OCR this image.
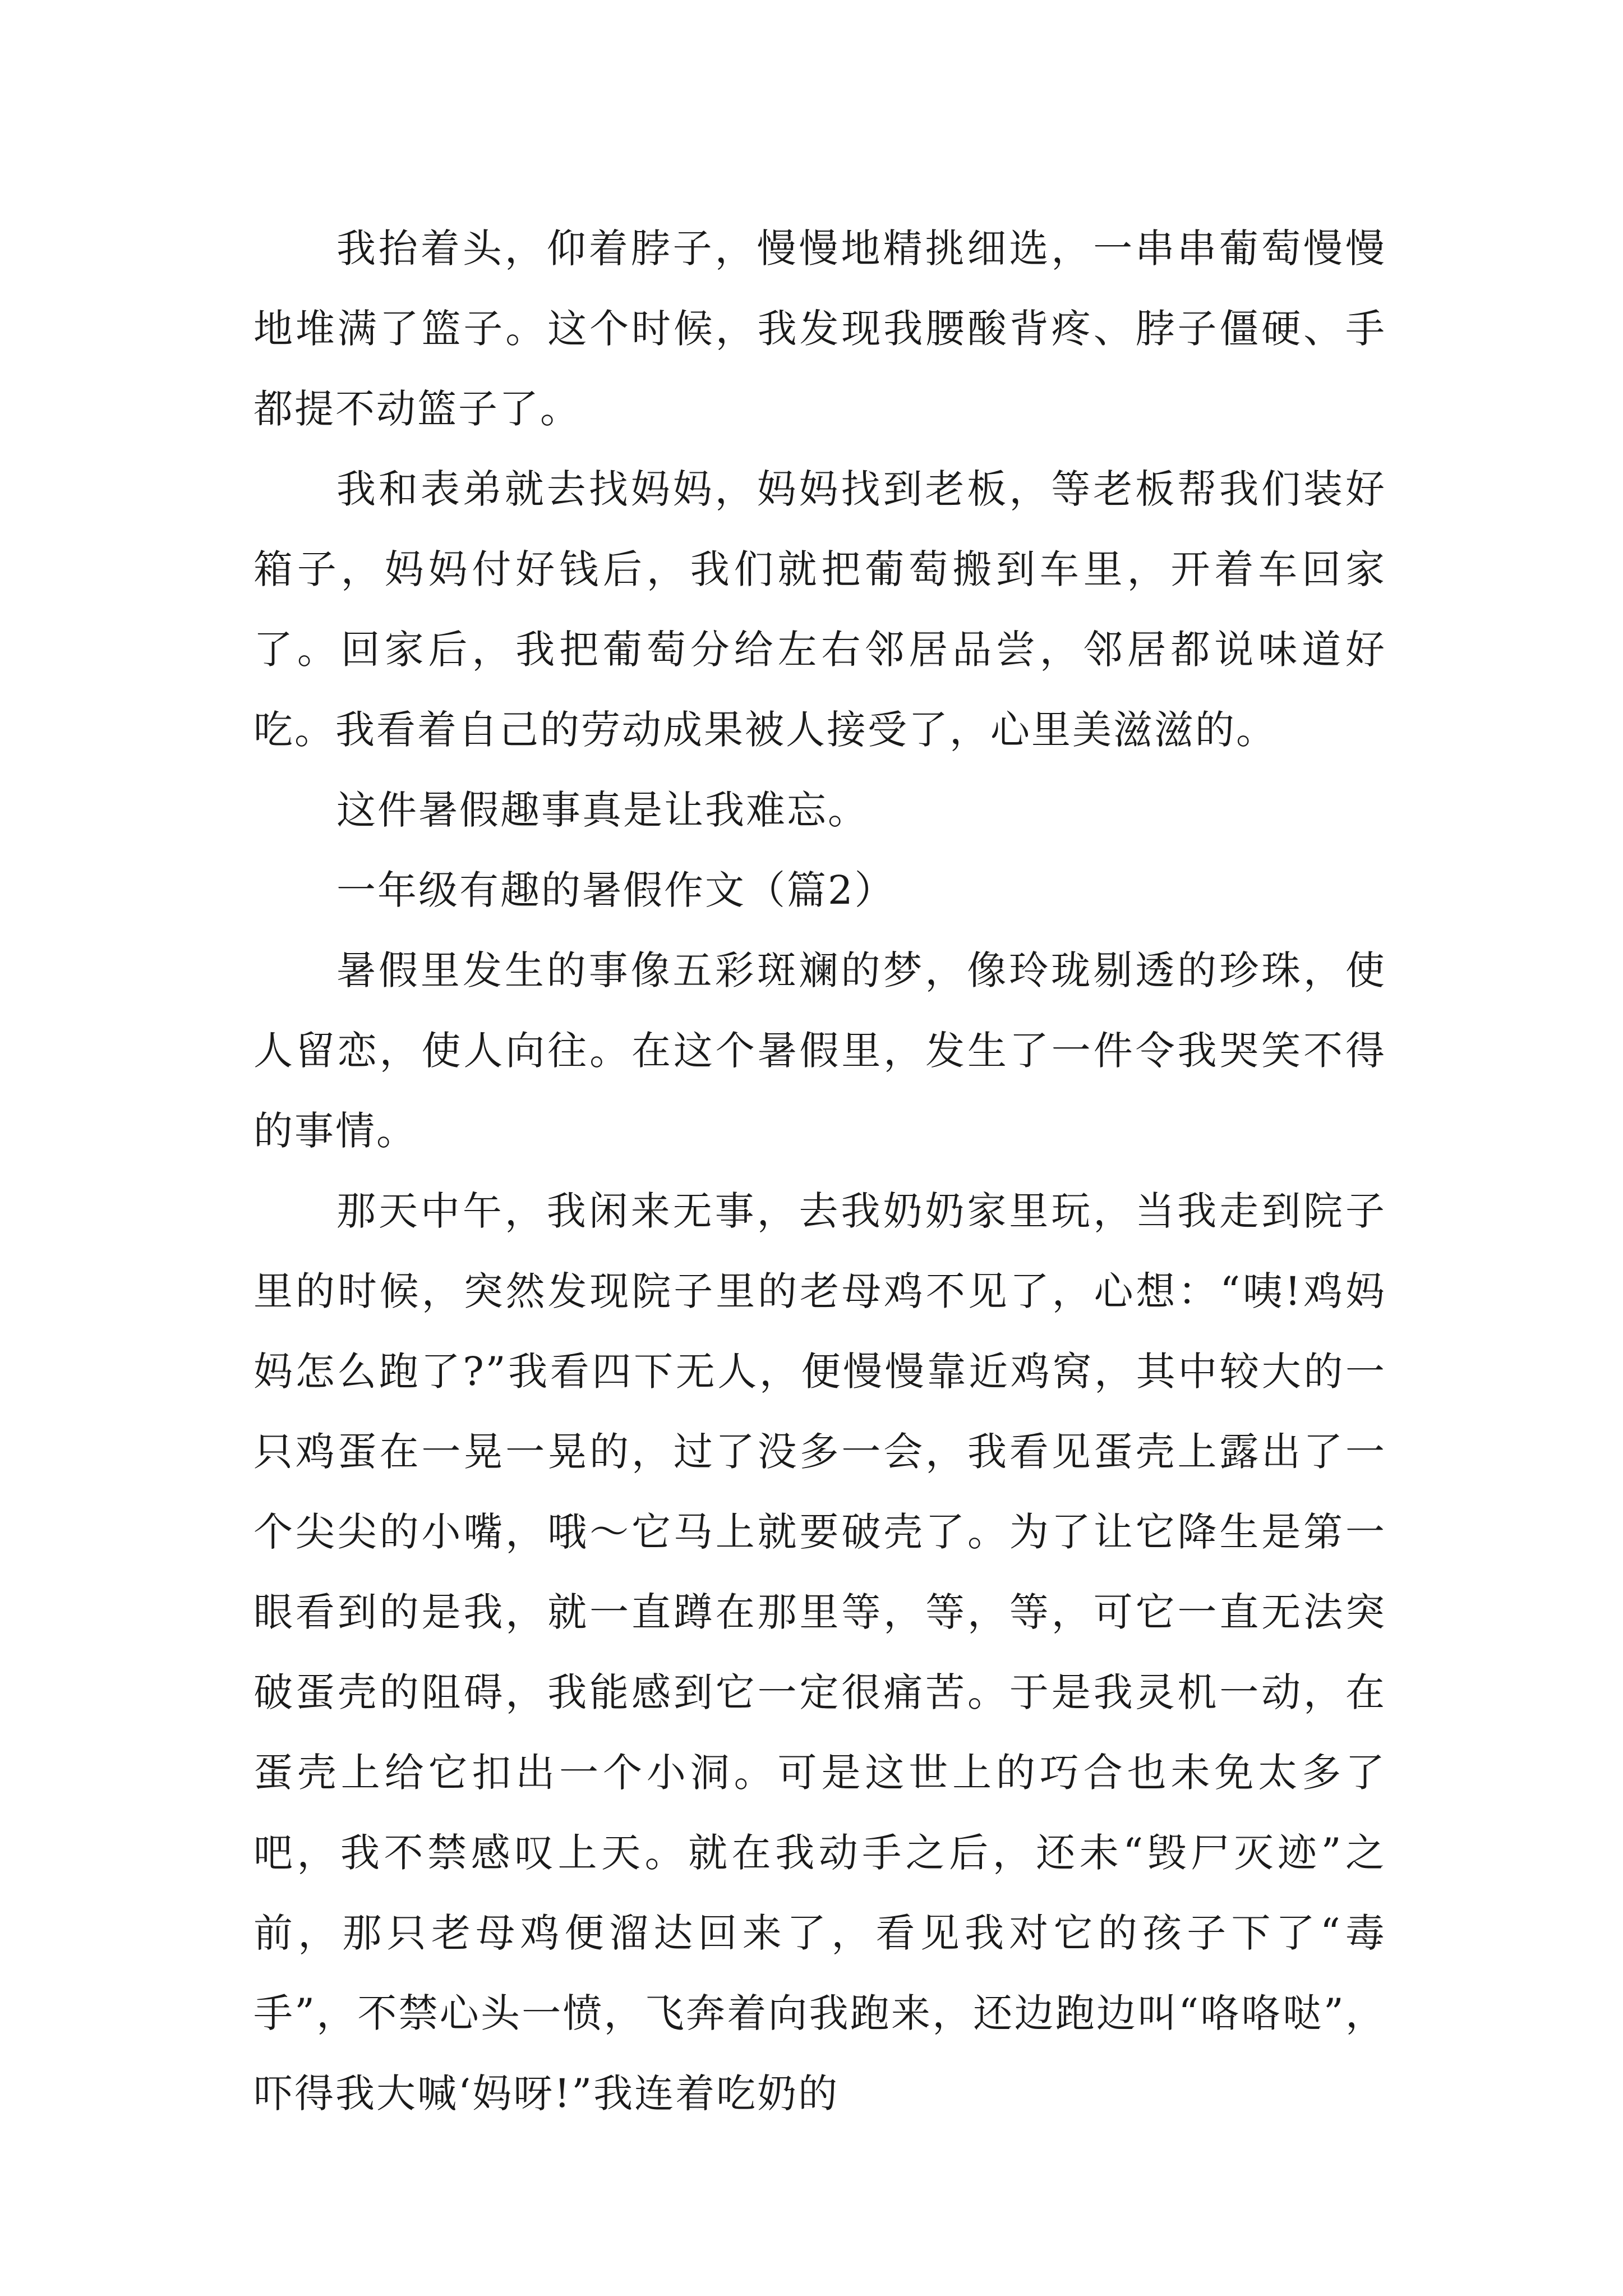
我抬着头，仰着脖子，慢慢地精挑细选，一串串葡萄慢慢地堆满了篮子。这个时候，我发现我腰酸背疼、脖子僵硬、手都提不动篮子了。

我和表弟就去找妈妈，妈妈找到老板，等老板帮我们装好箱子，妈妈付好钱后，我们就把葡萄搬到车里，开着车回家了。回家后，我把葡萄分给左右邻居品尝，邻居都说味道好吃。我看着自己的劳动成果被人接受了，心里美滋滋的。

这件暑假趣事真是让我难忘。

一年级有趣的暑假作文（篇2）

暑假里发生的事像五彩斑斓的梦，像玲珑剔透的珍珠，使人留恋，使人向往。在这个暑假里，发生了一件令我哭笑不得的事情。

那天中午，我闲来无事，去我奶奶家里玩，当我走到院子里的时候，突然发现院子里的老母鸡不见了，心想：“咦!鸡妈妈怎么跑了?”我看四下无人，便慢慢靠近鸡窝，其中较大的一只鸡蛋在一晃一晃的，过了没多一会，我看见蛋壳上露出了一个尖尖的小嘴，哦～它马上就要破壳了。为了让它降生是第一眼看到的是我，就一直蹲在那里等，等，等，可它一直无法突破蛋壳的阻碍，我能感到它一定很痛苦。于是我灵机一动，在蛋壳上给它扣出一个小洞。可是这世上的巧合也未免太多了吧，我不禁感叹上天。就在我动手之后，还未“毁尸灭迹”之前，那只老母鸡便溜达回来了，看见我对它的孩子下了“毒手”，不禁心头一愤，飞奔着向我跑来，还边跑边叫“咯咯哒”，吓得我大喊‘妈呀!”我连着吃奶的
